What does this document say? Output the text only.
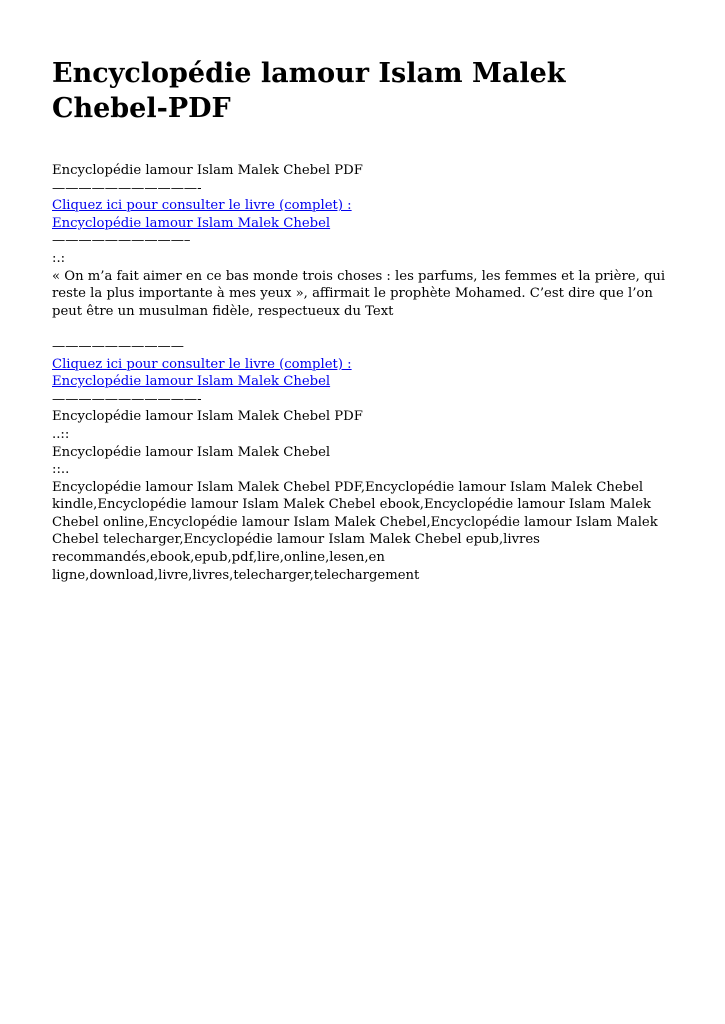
Encyclopédie lamour Islam Malek Chebel-PDF
Encyclopédie lamour Islam Malek Chebel PDF
———————————-
Cliquez ici pour consulter le livre (complet) :
Encyclopédie lamour Islam Malek Chebel
——————————–
:.:
« On m’a fait aimer en ce bas monde trois choses : les parfums, les femmes et la prière, qui reste la plus importante à mes yeux », affirmait le prophète Mohamed. C’est dire que l’on peut être un musulman fidèle, respectueux du Text
——————————
Cliquez ici pour consulter le livre (complet) :
Encyclopédie lamour Islam Malek Chebel
———————————-
Encyclopédie lamour Islam Malek Chebel PDF
..::
Encyclopédie lamour Islam Malek Chebel
::..
Encyclopédie lamour Islam Malek Chebel PDF,Encyclopédie lamour Islam Malek Chebel kindle,Encyclopédie lamour Islam Malek Chebel ebook,Encyclopédie lamour Islam Malek Chebel online,Encyclopédie lamour Islam Malek Chebel,Encyclopédie lamour Islam Malek Chebel telecharger,Encyclopédie lamour Islam Malek Chebel epub,livres recommandés,ebook,epub,pdf,lire,online,lesen,en ligne,download,livre,livres,telecharger,telechargement
